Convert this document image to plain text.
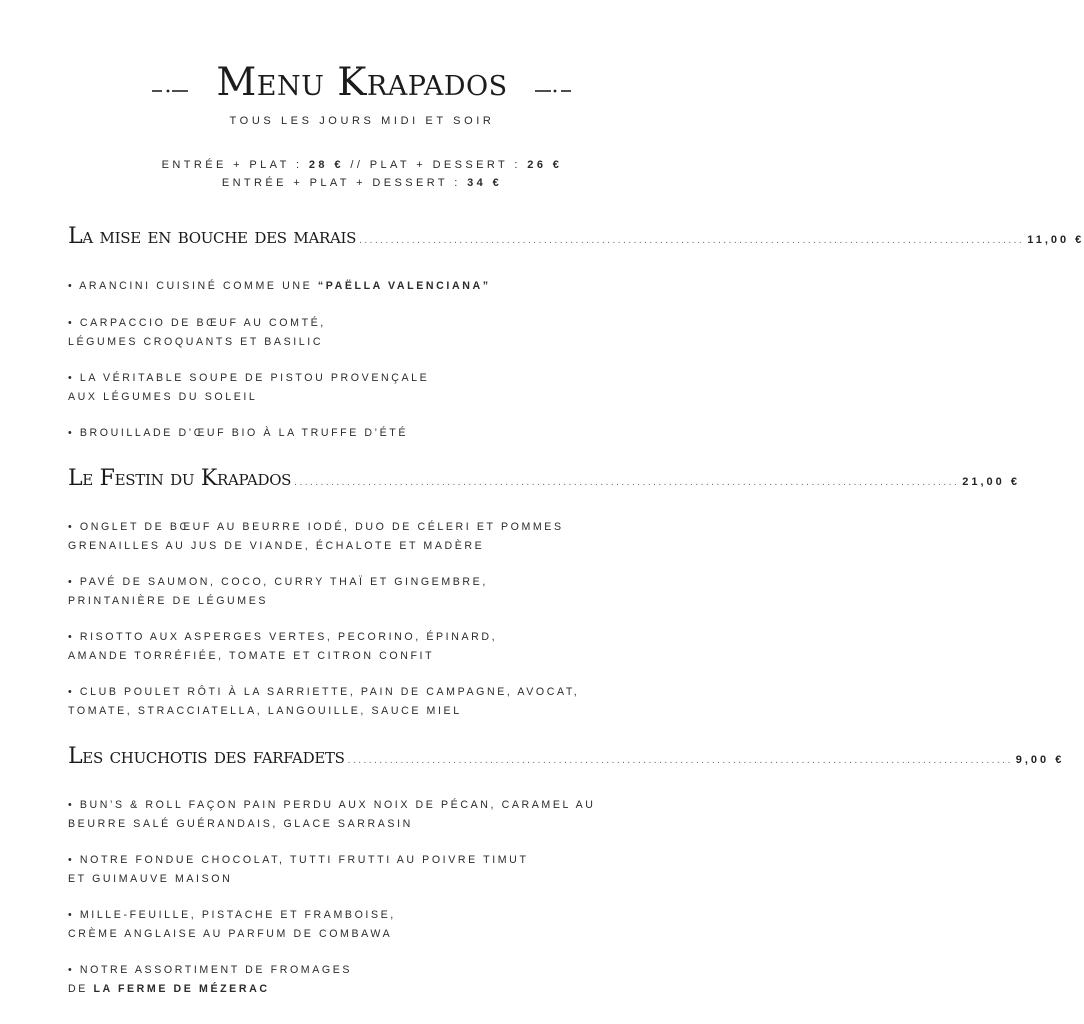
Menu Krapados
TOUS LES JOURS MIDI ET SOIR
ENTRÉE + PLAT : 28 € // PLAT + DESSERT : 26 €
ENTRÉE + PLAT + DESSERT : 34 €
La mise en bouche des marais .............................................................................................................................. 11,00 €
• ARANCINI CUISINÉ COMME UNE “PAËLLA VALENCIANA”
• CARPACCIO DE BŒUF AU COMTÉ,
LÉGUMES CROQUANTS ET BASILIC
• LA VÉRITABLE SOUPE DE PISTOU PROVENÇALE
AUX LÉGUMES DU SOLEIL
• BROUILLADE D’ŒUF BIO À LA TRUFFE D’ÉTÉ
Le Festin du Krapados .............................................................................................................................. 21,00 €
• ONGLET DE BŒUF AU BEURRE IODÉ, DUO DE CÉLERI ET POMMES
GRENAILLES AU JUS DE VIANDE, ÉCHALOTE ET MADÈRE
• PAVÉ DE SAUMON, COCO, CURRY THAÏ ET GINGEMBRE,
PRINTANIÈRE DE LÉGUMES
• RISOTTO AUX ASPERGES VERTES, PECORINO, ÉPINARD,
AMANDE TORRÉFIÉE, TOMATE ET CITRON CONFIT
• CLUB POULET RÔTI À LA SARRIETTE, PAIN DE CAMPAGNE, AVOCAT,
TOMATE, STRACCIATELLA, LANGOUILLE, SAUCE MIEL
Les chuchotis des farfadets .............................................................................................................................. 9,00 €
• BUN’S & ROLL FAÇON PAIN PERDU AUX NOIX DE PÉCAN, CARAMEL AU
BEURRE SALÉ GUÉRANDAIS, GLACE SARRASIN
• NOTRE FONDUE CHOCOLAT, TUTTI FRUTTI AU POIVRE TIMUT
ET GUIMAUVE MAISON
• MILLE-FEUILLE, PISTACHE ET FRAMBOISE,
CRÈME ANGLAISE AU PARFUM DE COMBAWA
• NOTRE ASSORTIMENT DE FROMAGES
DE LA FERME DE MÉZERAC
